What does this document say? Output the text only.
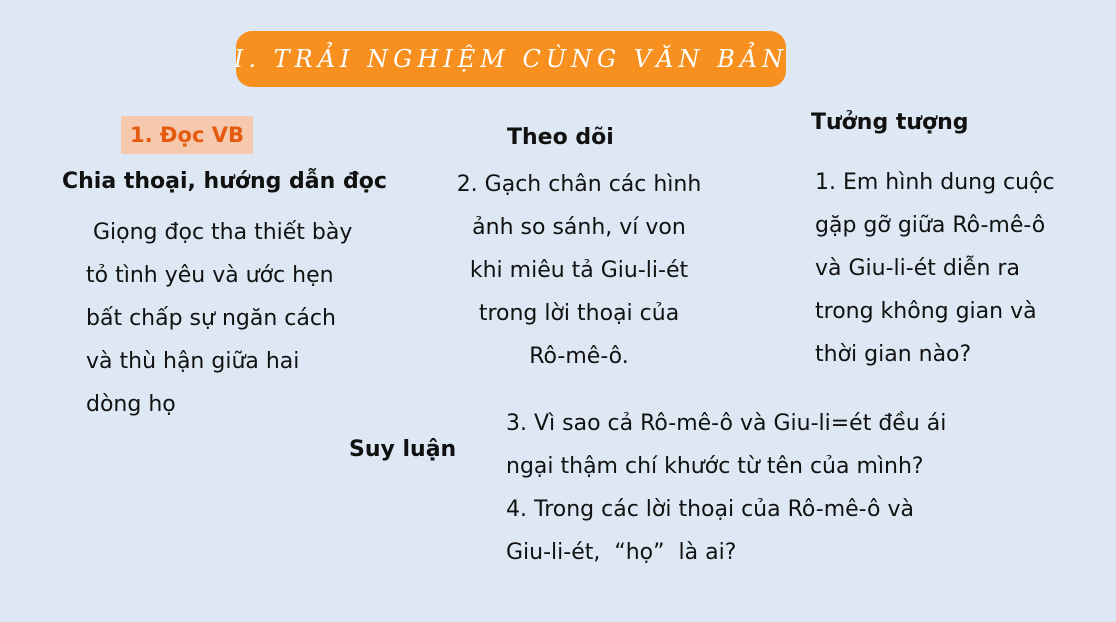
I. TRẢI NGHIỆM CÙNG VĂN BẢN
1. Đọc VB
Chia thoại, hướng dẫn đọc
Giọng đọc tha thiết bày
tỏ tình yêu và ước hẹn
bất chấp sự ngăn cách
và thù hận giữa hai
dòng họ
Theo dõi
2. Gạch chân các hình
ảnh so sánh, ví von
khi miêu tả Giu-li-ét
trong lời thoại của
Rô-mê-ô.
Tưởng tượng
1. Em hình dung cuộc
gặp gỡ giữa Rô-mê-ô
và Giu-li-ét diễn ra
trong không gian và
thời gian nào?
Suy luận
3. Vì sao cả Rô-mê-ô và Giu-li=ét đều ái
ngại thậm chí khước từ tên của mình?
4. Trong các lời thoại của Rô-mê-ô và
Giu-li-ét,  “họ”  là ai?
